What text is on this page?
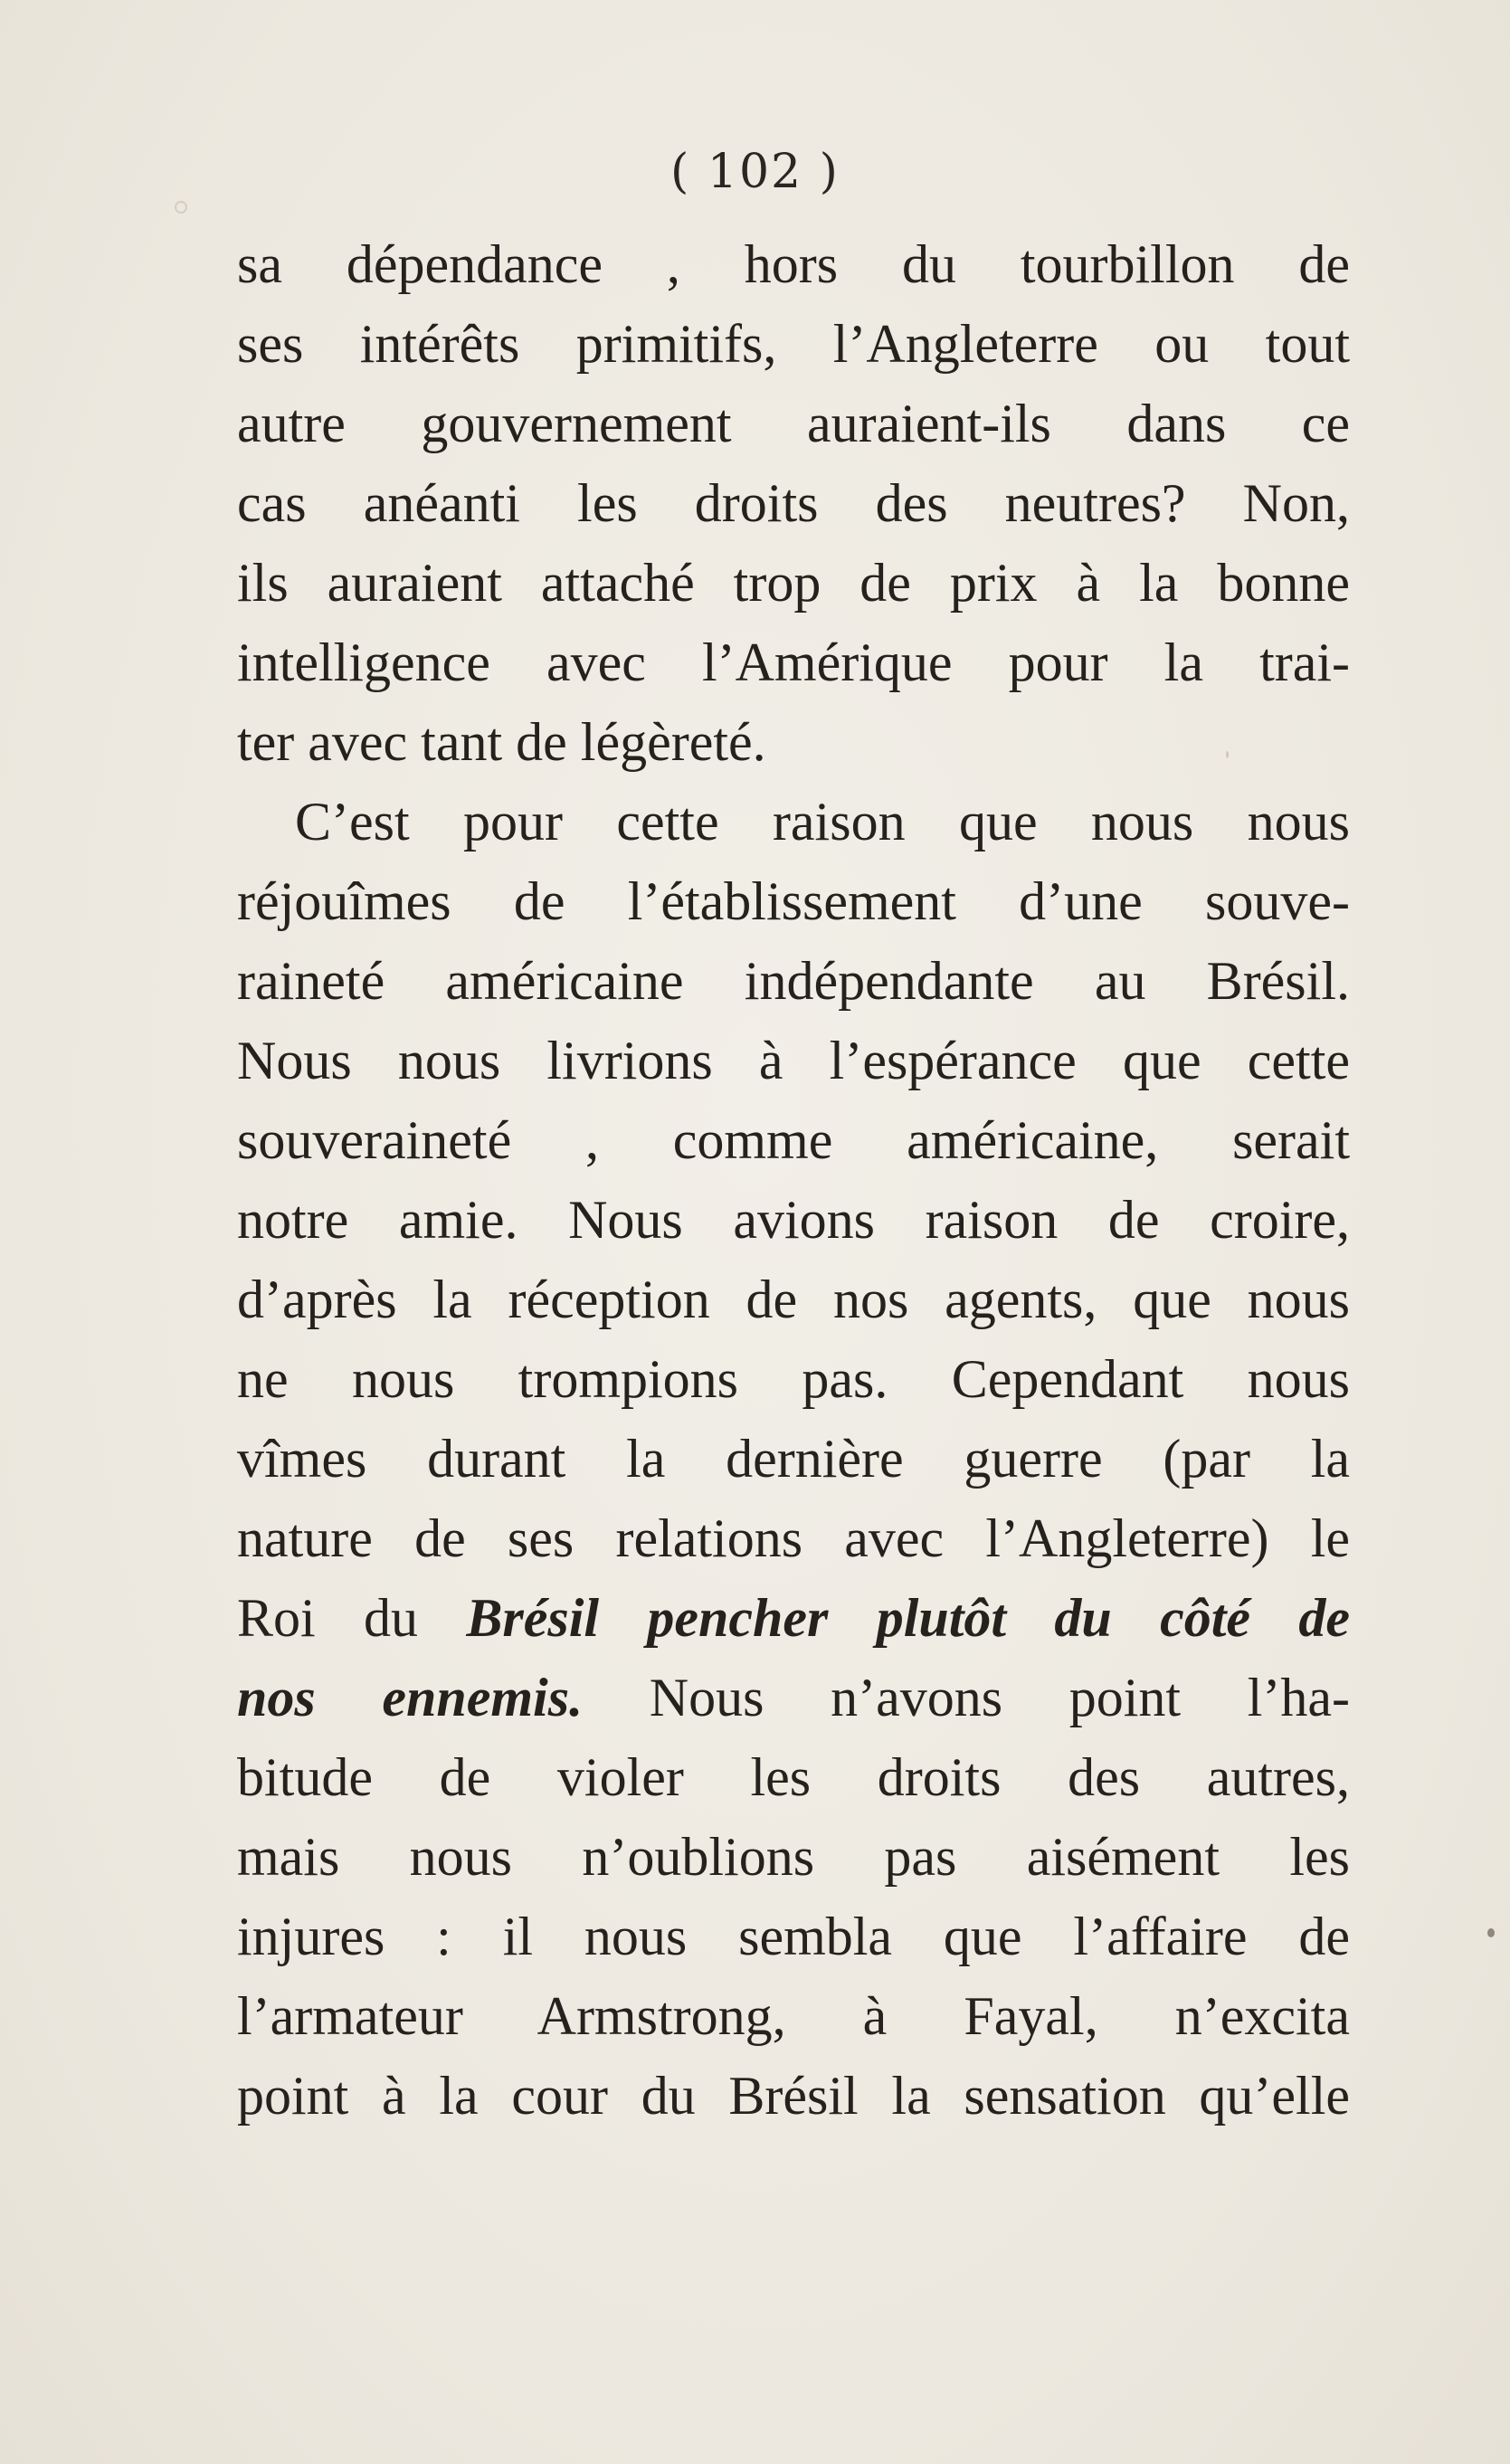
( 102 )
sa dépendance , hors du tourbillon de
ses intérêts primitifs, l’Angleterre ou tout
autre gouvernement auraient-ils dans ce
cas anéanti les droits des neutres? Non,
ils auraient attaché trop de prix à la bonne
intelligence avec l’Amérique pour la trai-
ter avec tant de légèreté.
C’est pour cette raison que nous nous
réjouîmes de l’établissement d’une souve-
raineté américaine indépendante au Brésil.
Nous nous livrions à l’espérance que cette
souveraineté , comme américaine, serait
notre amie. Nous avions raison de croire,
d’après la réception de nos agents, que nous
ne nous trompions pas. Cependant nous
vîmes durant la dernière guerre (par la
nature de ses relations avec l’Angleterre) le
Roi du Brésil pencher plutôt du côté de
nos ennemis. Nous n’avons point l’ha-
bitude de violer les droits des autres,
mais nous n’oublions pas aisément les
injures : il nous sembla que l’affaire de
l’armateur Armstrong, à Fayal, n’excita
point à la cour du Brésil la sensation qu’elle
